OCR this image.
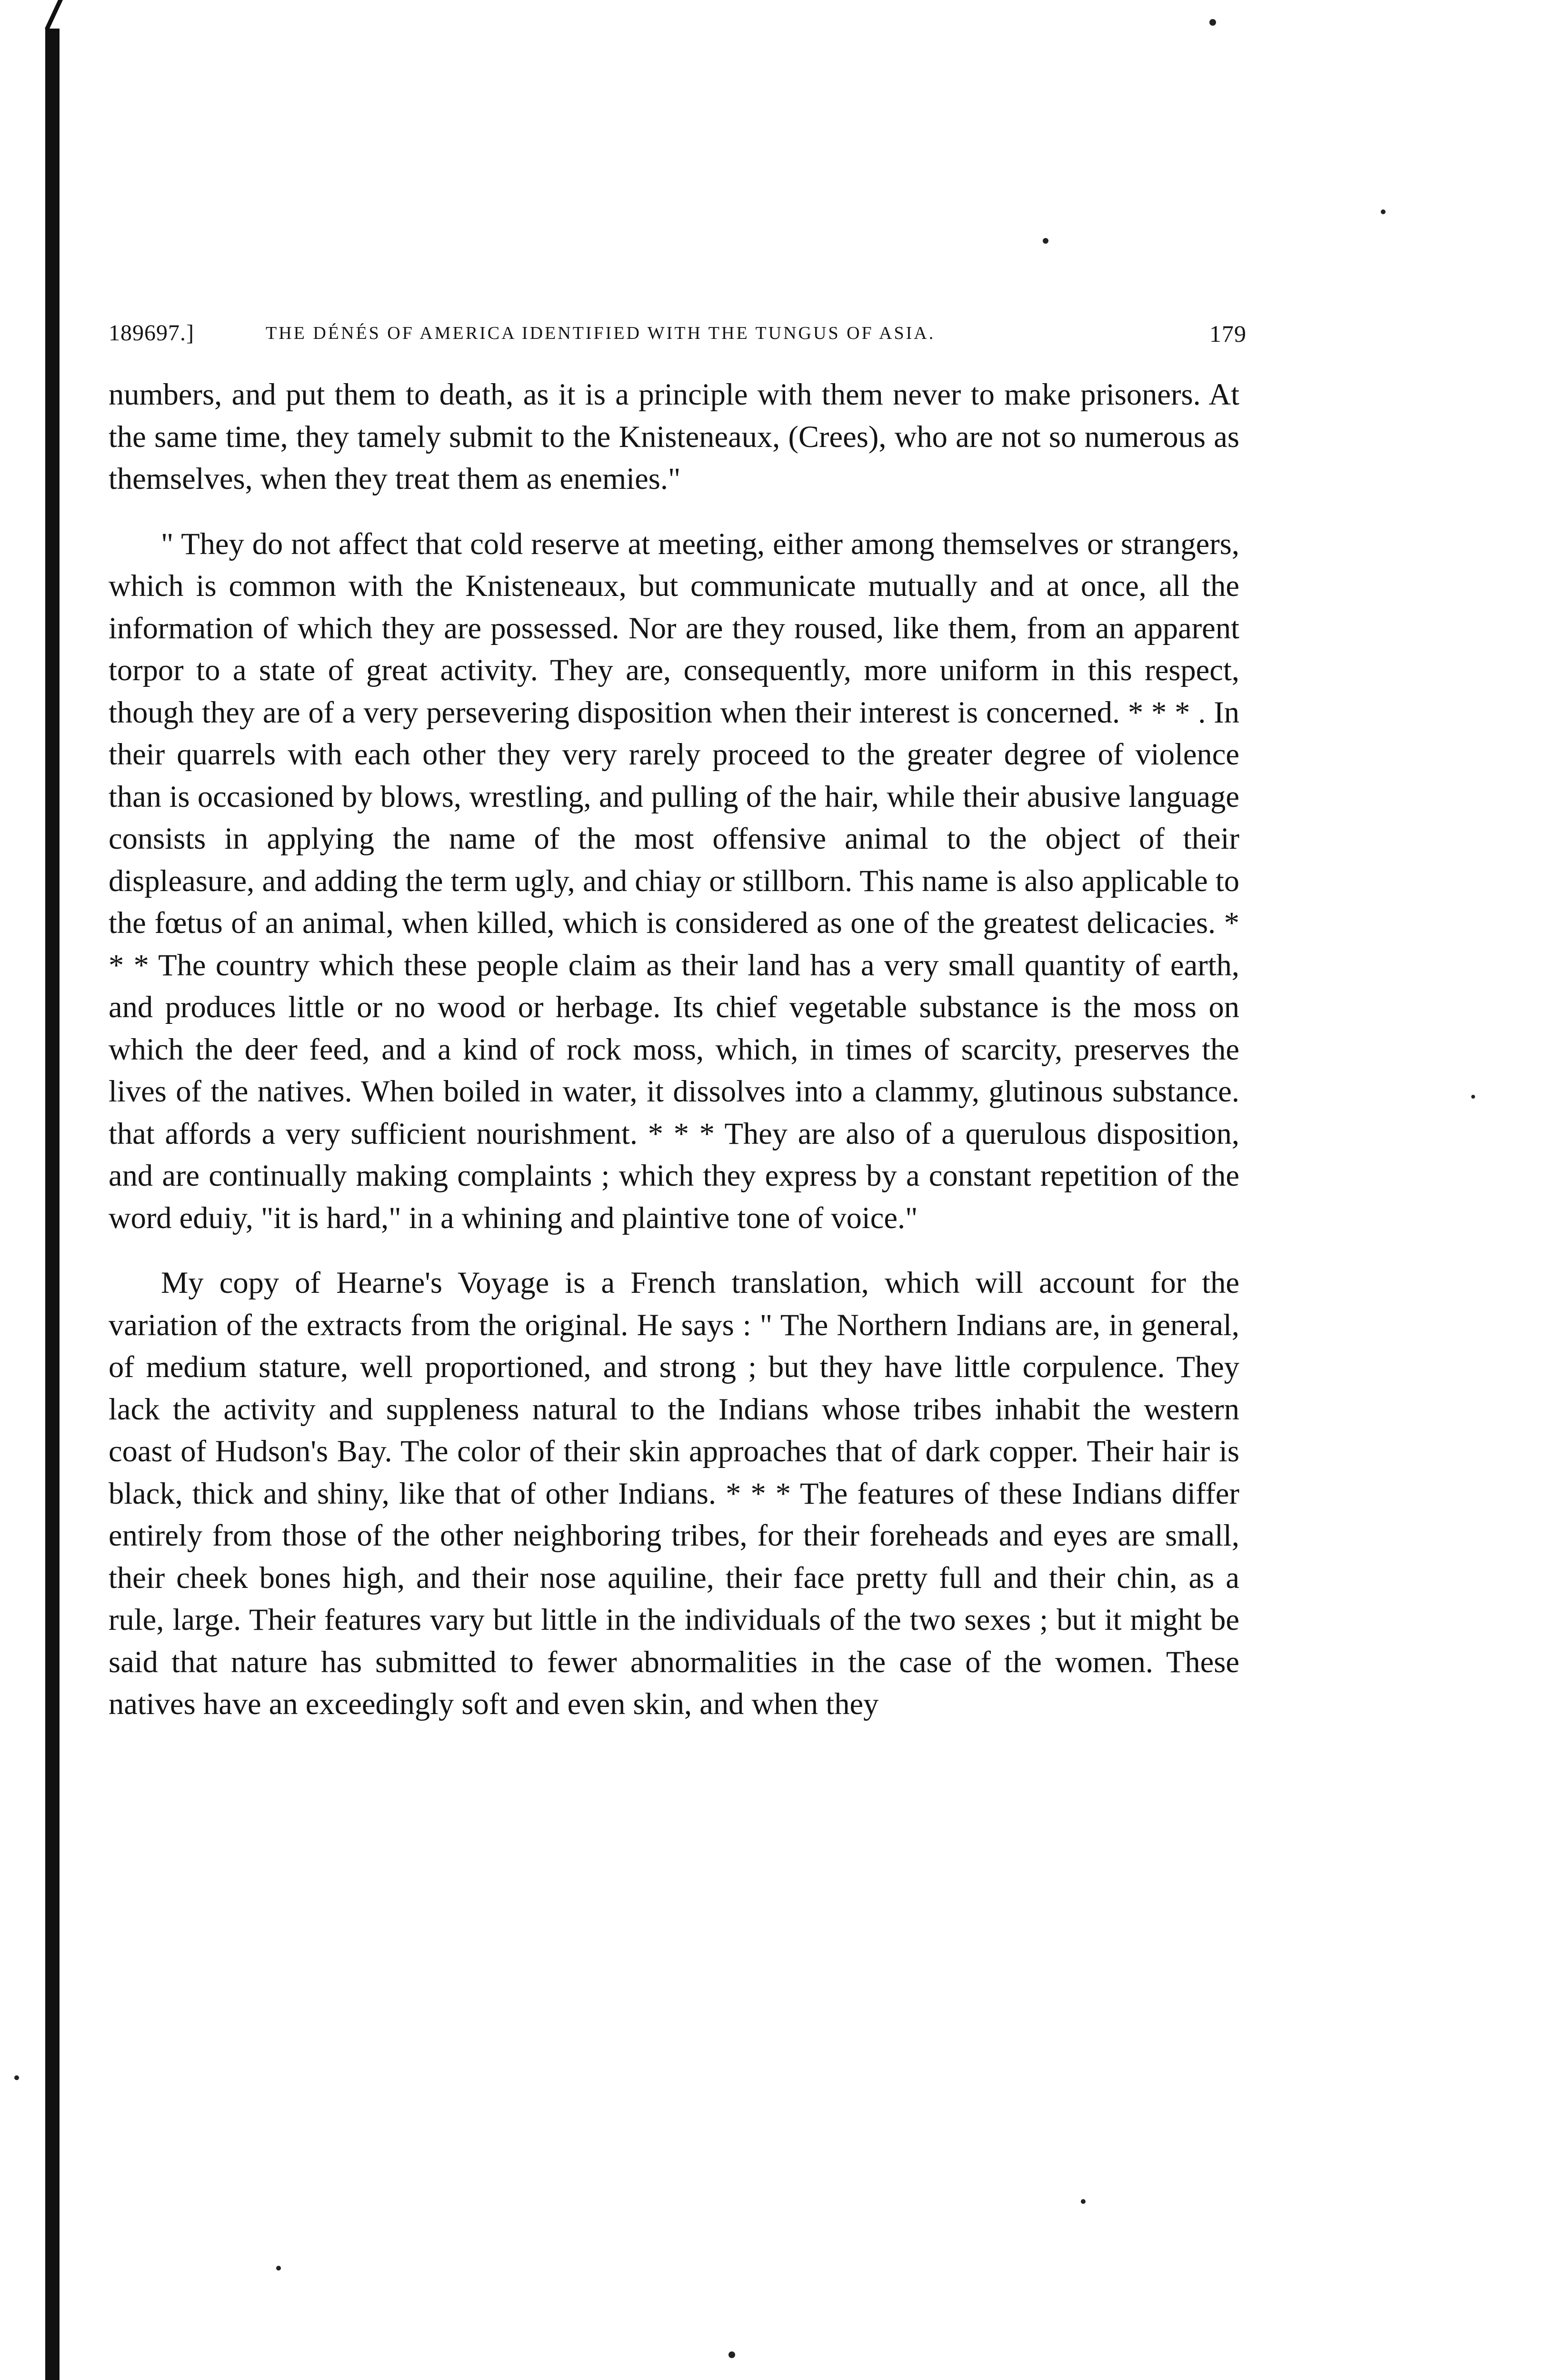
189697.]	THE DÉNÉS OF AMERICA IDENTIFIED WITH THE TUNGUS OF ASIA.	179

numbers, and put them to death, as it is a principle with them never to make prisoners. At the same time, they tamely submit to the Knisteneaux, (Crees), who are not so numerous as themselves, when they treat them as enemies."

" They do not affect that cold reserve at meeting, either among themselves or strangers, which is common with the Knisteneaux, but communicate mutually and at once, all the information of which they are possessed. Nor are they roused, like them, from an apparent torpor to a state of great activity. They are, consequently, more uniform in this respect, though they are of a very persevering disposition when their interest is concerned. * * * . In their quarrels with each other they very rarely proceed to the greater degree of violence than is occasioned by blows, wrestling, and pulling of the hair, while their abusive language consists in applying the name of the most offensive animal to the object of their displeasure, and adding the term ugly, and chiay or stillborn. This name is also applicable to the fœtus of an animal, when killed, which is considered as one of the greatest delicacies. * * * The country which these people claim as their land has a very small quantity of earth, and produces little or no wood or herbage. Its chief vegetable substance is the moss on which the deer feed, and a kind of rock moss, which, in times of scarcity, preserves the lives of the natives. When boiled in water, it dissolves into a clammy, glutinous substance. that affords a very sufficient nourishment. * * * They are also of a querulous disposition, and are continually making complaints ; which they express by a constant repetition of the word eduiy, "it is hard," in a whining and plaintive tone of voice."

My copy of Hearne's Voyage is a French translation, which will account for the variation of the extracts from the original. He says : " The Northern Indians are, in general, of medium stature, well proportioned, and strong ; but they have little corpulence. They lack the activity and suppleness natural to the Indians whose tribes inhabit the western coast of Hudson's Bay. The color of their skin approaches that of dark copper. Their hair is black, thick and shiny, like that of other Indians. * * * The features of these Indians differ entirely from those of the other neighboring tribes, for their foreheads and eyes are small, their cheek bones high, and their nose aquiline, their face pretty full and their chin, as a rule, large. Their features vary but little in the individuals of the two sexes ; but it might be said that nature has submitted to fewer abnormalities in the case of the women. These natives have an exceedingly soft and even skin, and when they
